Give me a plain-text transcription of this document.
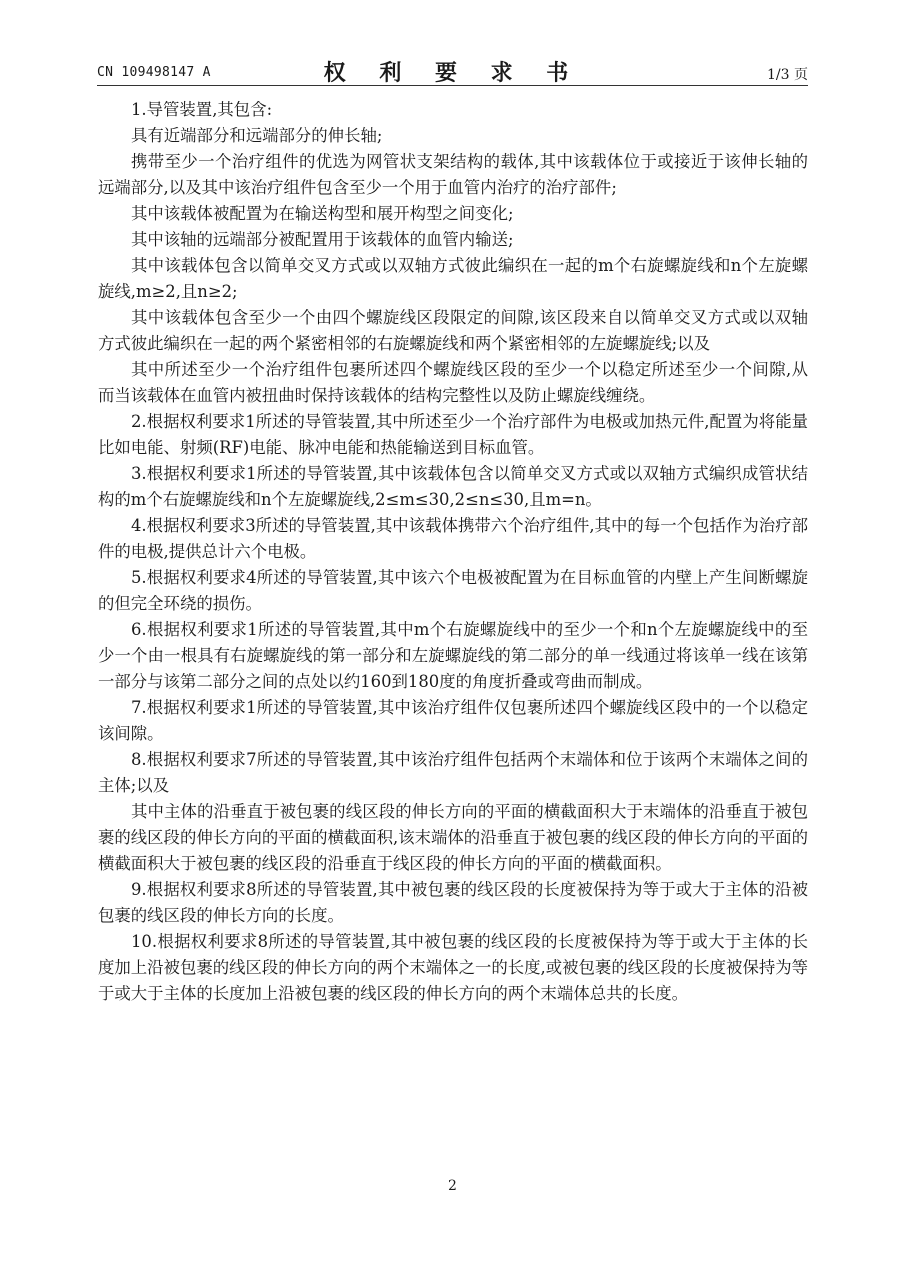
CN 109498147 A	权 利 要 求 书	1/3 页

1.导管装置,其包含:

具有近端部分和远端部分的伸长轴;

携带至少一个治疗组件的优选为网管状支架结构的载体,其中该载体位于或接近于该伸长轴的远端部分,以及其中该治疗组件包含至少一个用于血管内治疗的治疗部件;

其中该载体被配置为在输送构型和展开构型之间变化;

其中该轴的远端部分被配置用于该载体的血管内输送;

其中该载体包含以简单交叉方式或以双轴方式彼此编织在一起的m个右旋螺旋线和n个左旋螺旋线,m≥2,且n≥2;

其中该载体包含至少一个由四个螺旋线区段限定的间隙,该区段来自以简单交叉方式或以双轴方式彼此编织在一起的两个紧密相邻的右旋螺旋线和两个紧密相邻的左旋螺旋线;以及

其中所述至少一个治疗组件包裹所述四个螺旋线区段的至少一个以稳定所述至少一个间隙,从而当该载体在血管内被扭曲时保持该载体的结构完整性以及防止螺旋线缠绕。

2.根据权利要求1所述的导管装置,其中所述至少一个治疗部件为电极或加热元件,配置为将能量比如电能、射频(RF)电能、脉冲电能和热能输送到目标血管。

3.根据权利要求1所述的导管装置,其中该载体包含以简单交叉方式或以双轴方式编织成管状结构的m个右旋螺旋线和n个左旋螺旋线,2≤m≤30,2≤n≤30,且m=n。

4.根据权利要求3所述的导管装置,其中该载体携带六个治疗组件,其中的每一个包括作为治疗部件的电极,提供总计六个电极。

5.根据权利要求4所述的导管装置,其中该六个电极被配置为在目标血管的内壁上产生间断螺旋的但完全环绕的损伤。

6.根据权利要求1所述的导管装置,其中m个右旋螺旋线中的至少一个和n个左旋螺旋线中的至少一个由一根具有右旋螺旋线的第一部分和左旋螺旋线的第二部分的单一线通过将该单一线在该第一部分与该第二部分之间的点处以约160到180度的角度折叠或弯曲而制成。

7.根据权利要求1所述的导管装置,其中该治疗组件仅包裹所述四个螺旋线区段中的一个以稳定该间隙。

8.根据权利要求7所述的导管装置,其中该治疗组件包括两个末端体和位于该两个末端体之间的主体;以及

其中主体的沿垂直于被包裹的线区段的伸长方向的平面的横截面积大于末端体的沿垂直于被包裹的线区段的伸长方向的平面的横截面积,该末端体的沿垂直于被包裹的线区段的伸长方向的平面的横截面积大于被包裹的线区段的沿垂直于线区段的伸长方向的平面的横截面积。

9.根据权利要求8所述的导管装置,其中被包裹的线区段的长度被保持为等于或大于主体的沿被包裹的线区段的伸长方向的长度。

10.根据权利要求8所述的导管装置,其中被包裹的线区段的长度被保持为等于或大于主体的长度加上沿被包裹的线区段的伸长方向的两个末端体之一的长度,或被包裹的线区段的长度被保持为等于或大于主体的长度加上沿被包裹的线区段的伸长方向的两个末端体总共的长度。

2
